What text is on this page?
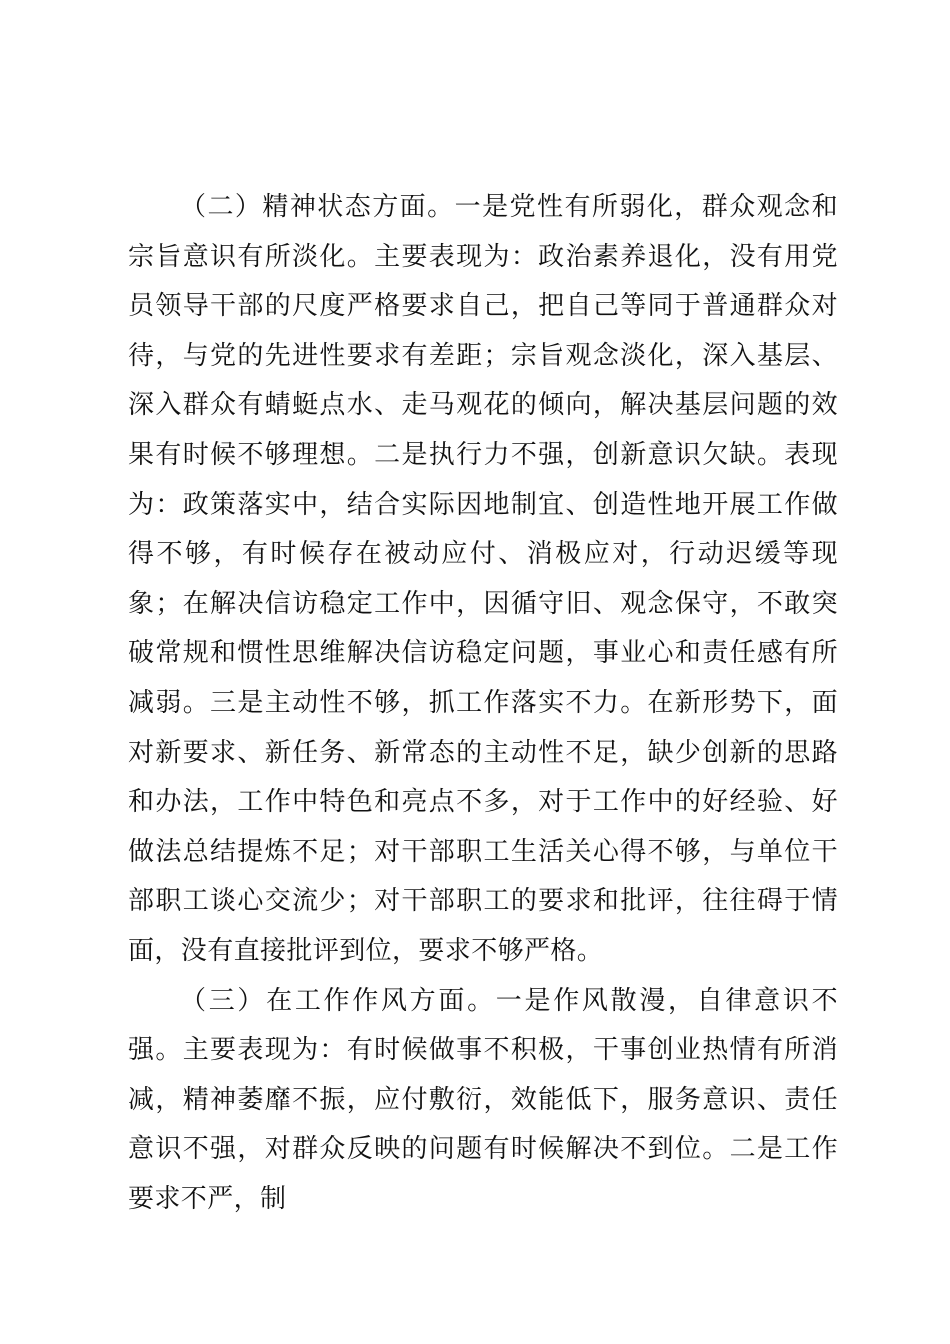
（二）精神状态方面。一是党性有所弱化，群众观念和宗旨意识有所淡化。主要表现为：政治素养退化，没有用党员领导干部的尺度严格要求自己，把自己等同于普通群众对待，与党的先进性要求有差距；宗旨观念淡化，深入基层、深入群众有蜻蜓点水、走马观花的倾向，解决基层问题的效果有时候不够理想。二是执行力不强，创新意识欠缺。表现为：政策落实中，结合实际因地制宜、创造性地开展工作做得不够，有时候存在被动应付、消极应对，行动迟缓等现象；在解决信访稳定工作中，因循守旧、观念保守，不敢突破常规和惯性思维解决信访稳定问题，事业心和责任感有所减弱。三是主动性不够，抓工作落实不力。在新形势下，面对新要求、新任务、新常态的主动性不足，缺少创新的思路和办法，工作中特色和亮点不多，对于工作中的好经验、好做法总结提炼不足；对干部职工生活关心得不够，与单位干部职工谈心交流少；对干部职工的要求和批评，往往碍于情面，没有直接批评到位，要求不够严格。

（三）在工作作风方面。一是作风散漫，自律意识不强。主要表现为：有时候做事不积极，干事创业热情有所消减，精神萎靡不振，应付敷衍，效能低下，服务意识、责任意识不强，对群众反映的问题有时候解决不到位。二是工作要求不严，制
